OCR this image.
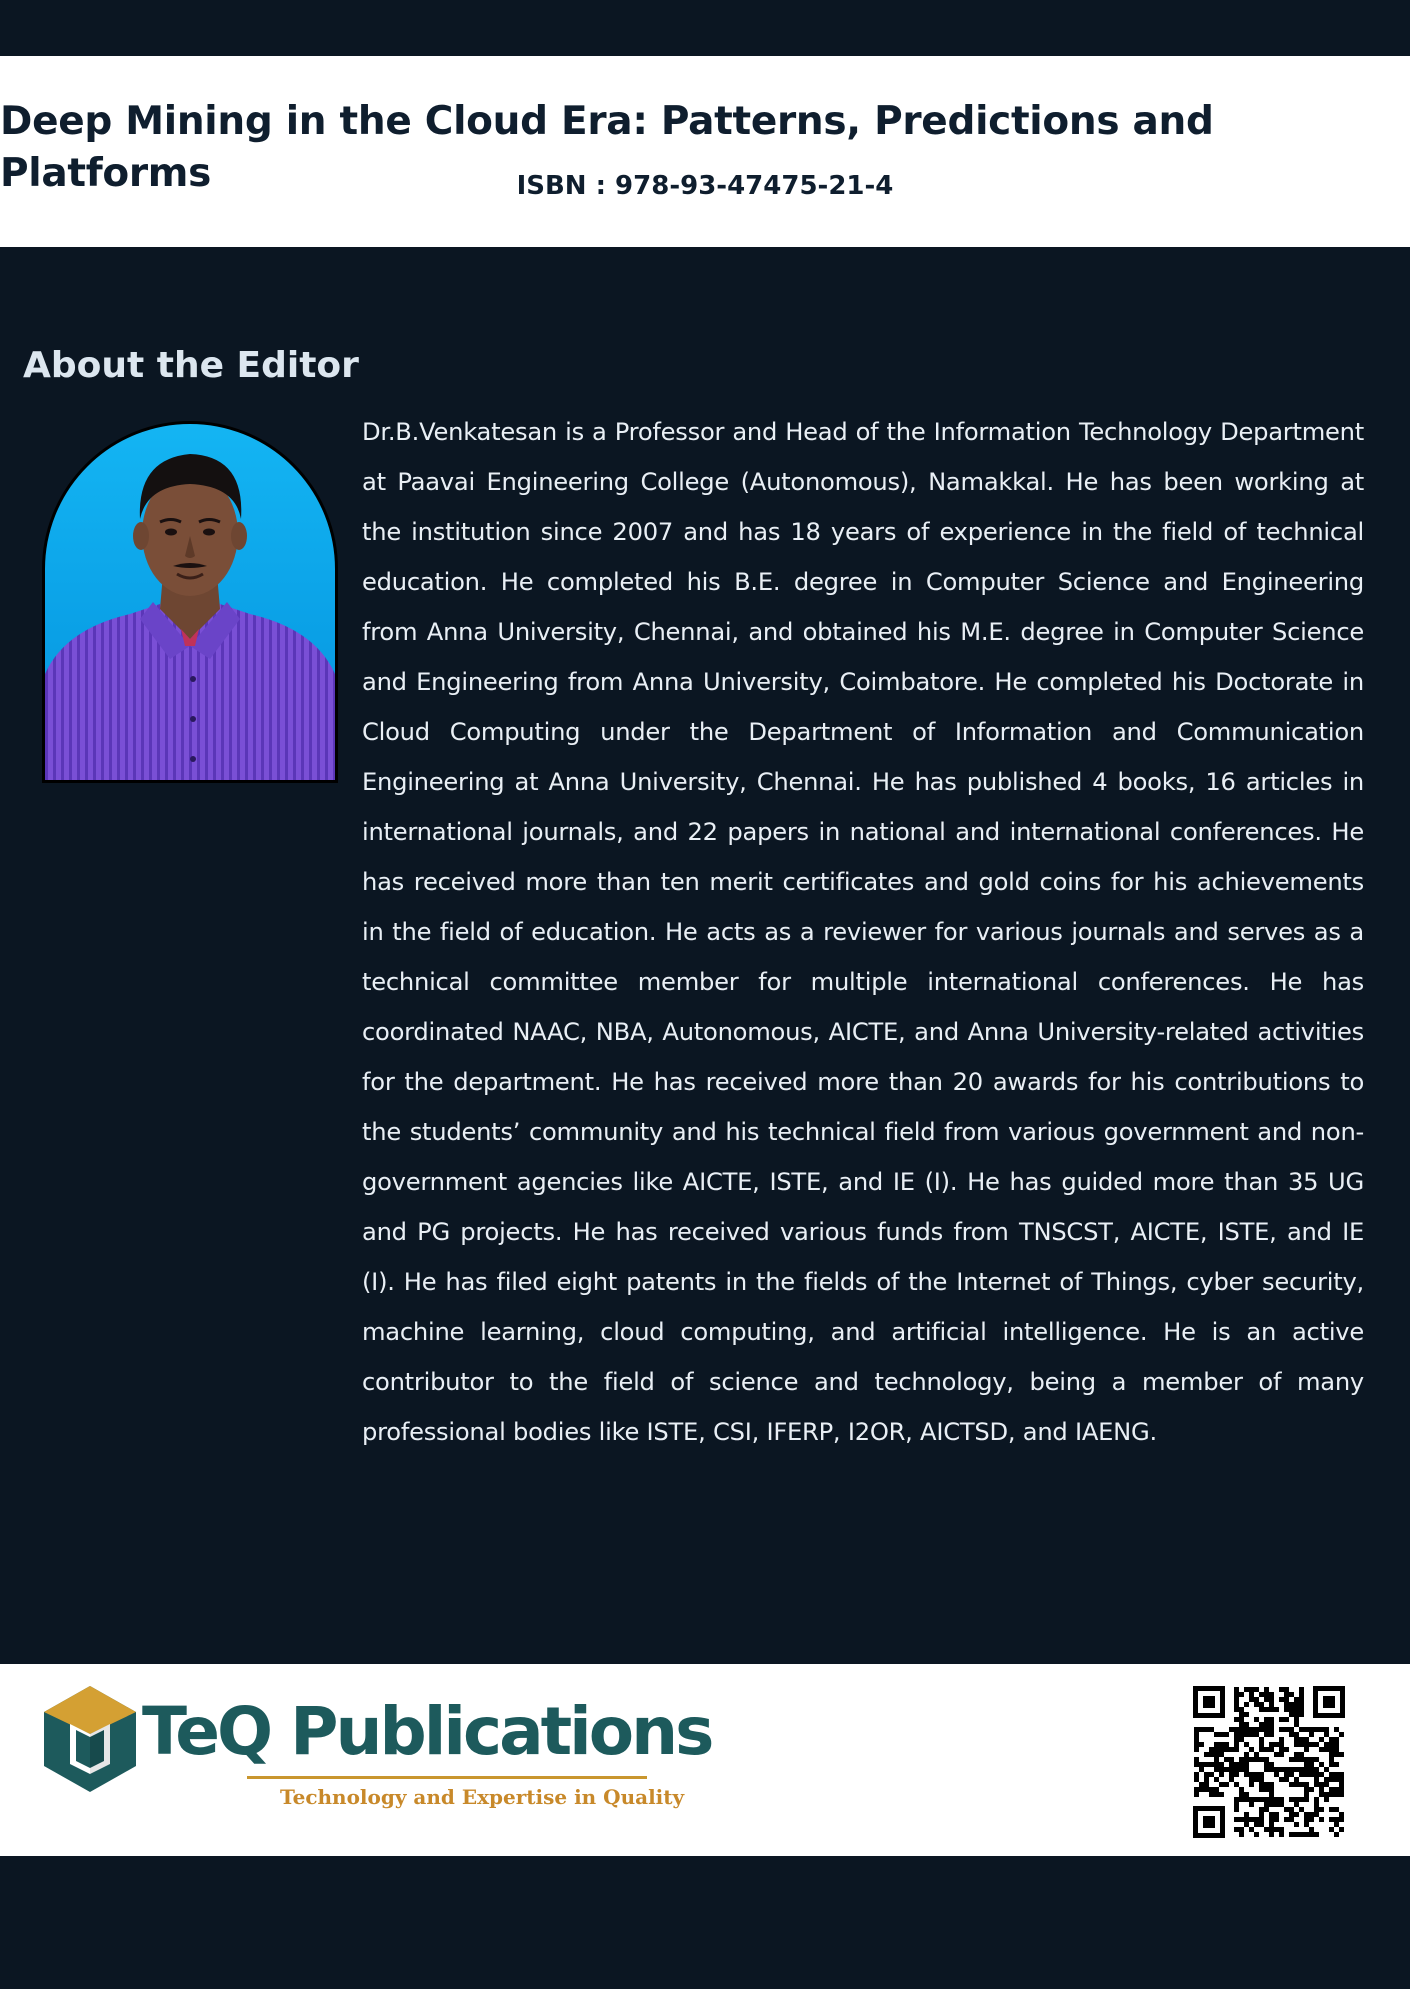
Deep Mining in the Cloud Era: Patterns, Predictions and Platforms	ISBN : 978-93-47475-21-4
About the Editor

Dr.B.Venkatesan is a Professor and Head of the Information Technology Department at Paavai Engineering College (Autonomous), Namakkal. He has been working at the institution since 2007 and has 18 years of experience in the field of technical education. He completed his B.E. degree in Computer Science and Engineering from Anna University, Chennai, and obtained his M.E. degree in Computer Science and Engineering from Anna University, Coimbatore. He completed his Doctorate in Cloud Computing under the Department of Information and Communication Engineering at Anna University, Chennai. He has published 4 books, 16 articles in international journals, and 22 papers in national and international conferences. He has received more than ten merit certificates and gold coins for his achievements in the field of education. He acts as a reviewer for various journals and serves as a technical committee member for multiple international conferences. He has coordinated NAAC, NBA, Autonomous, AICTE, and Anna University-related activities for the department. He has received more than 20 awards for his contributions to the students’ community and his technical field from various government and non-government agencies like AICTE, ISTE, and IE (I). He has guided more than 35 UG and PG projects. He has received various funds from TNSCST, AICTE, ISTE, and IE (I). He has filed eight patents in the fields of the Internet of Things, cyber security, machine learning, cloud computing, and artificial intelligence. He is an active contributor to the field of science and technology, being a member of many professional bodies like ISTE, CSI, IFERP, I2OR, AICTSD, and IAENG.

TeQ Publications
Technology and Expertise in Quality
